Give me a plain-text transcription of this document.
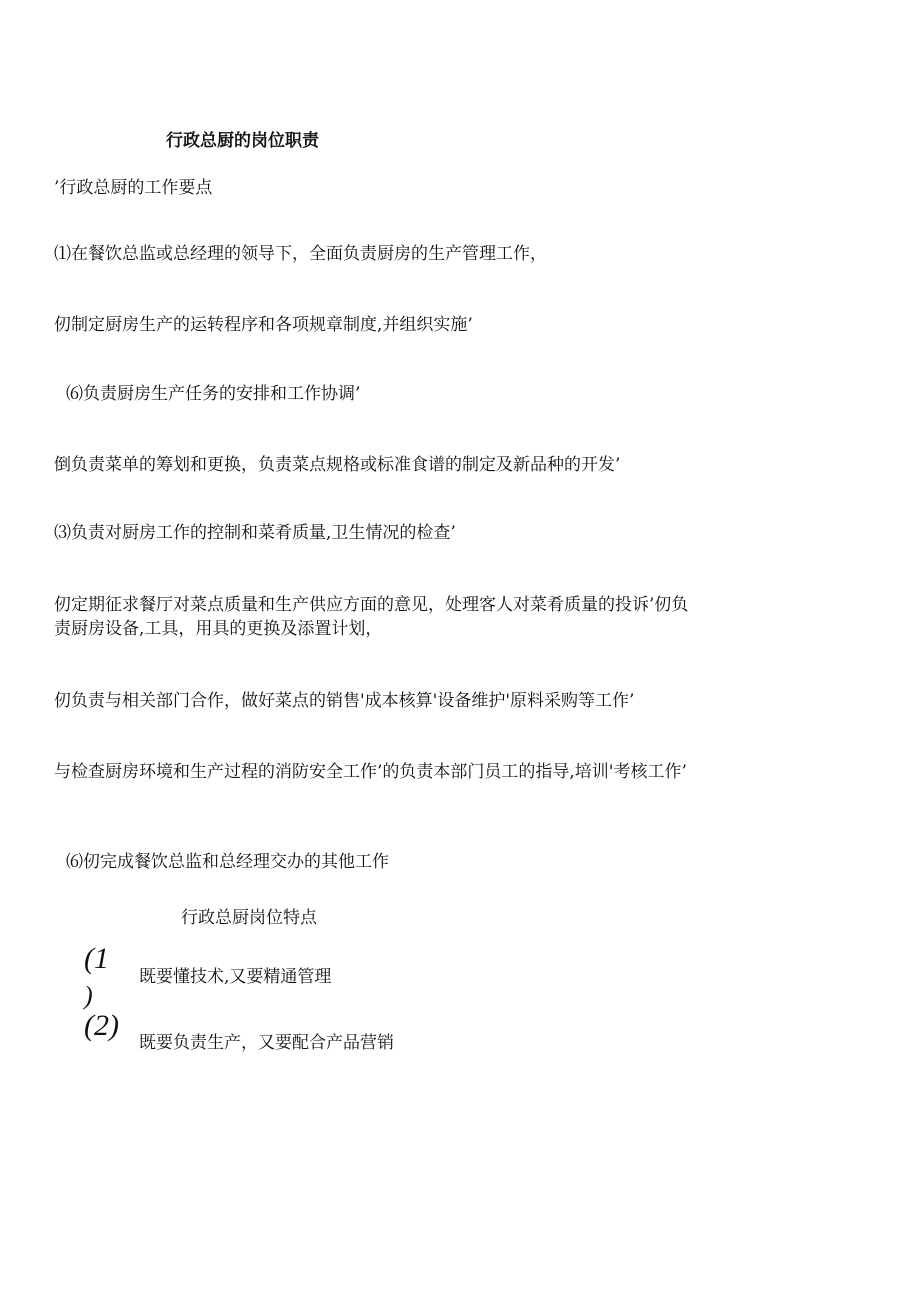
行政总厨的岗位职责
’行政总厨的工作要点
⑴在餐饮总监或总经理的领导下，全面负责厨房的生产管理工作，
仞制定厨房生产的运转程序和各项规章制度,并组织实施’
⑹负责厨房生产任务的安排和工作协调’
倒负责菜单的筹划和更换，负责菜点规格或标准食谱的制定及新品种的开发’
⑶负责对厨房工作的控制和菜肴质量,卫生情况的检查’
仞定期征求餐厅对菜点质量和生产供应方面的意见，处理客人对菜肴质量的投诉’仞负责厨房设备,工具，用具的更换及添置计划，
仞负责与相关部门合作，做好菜点的销售'成本核算'设备维护'原料采购等工作’
与检查厨房环境和生产过程的消防安全工作’的负责本部门员工的指导,培训'考核工作’
⑹仞完成餐饮总监和总经理交办的其他工作
行政总厨岗位特点
(1
)
既要懂技术,又要精通管理
(2)
既要负责生产，又要配合产品营销
